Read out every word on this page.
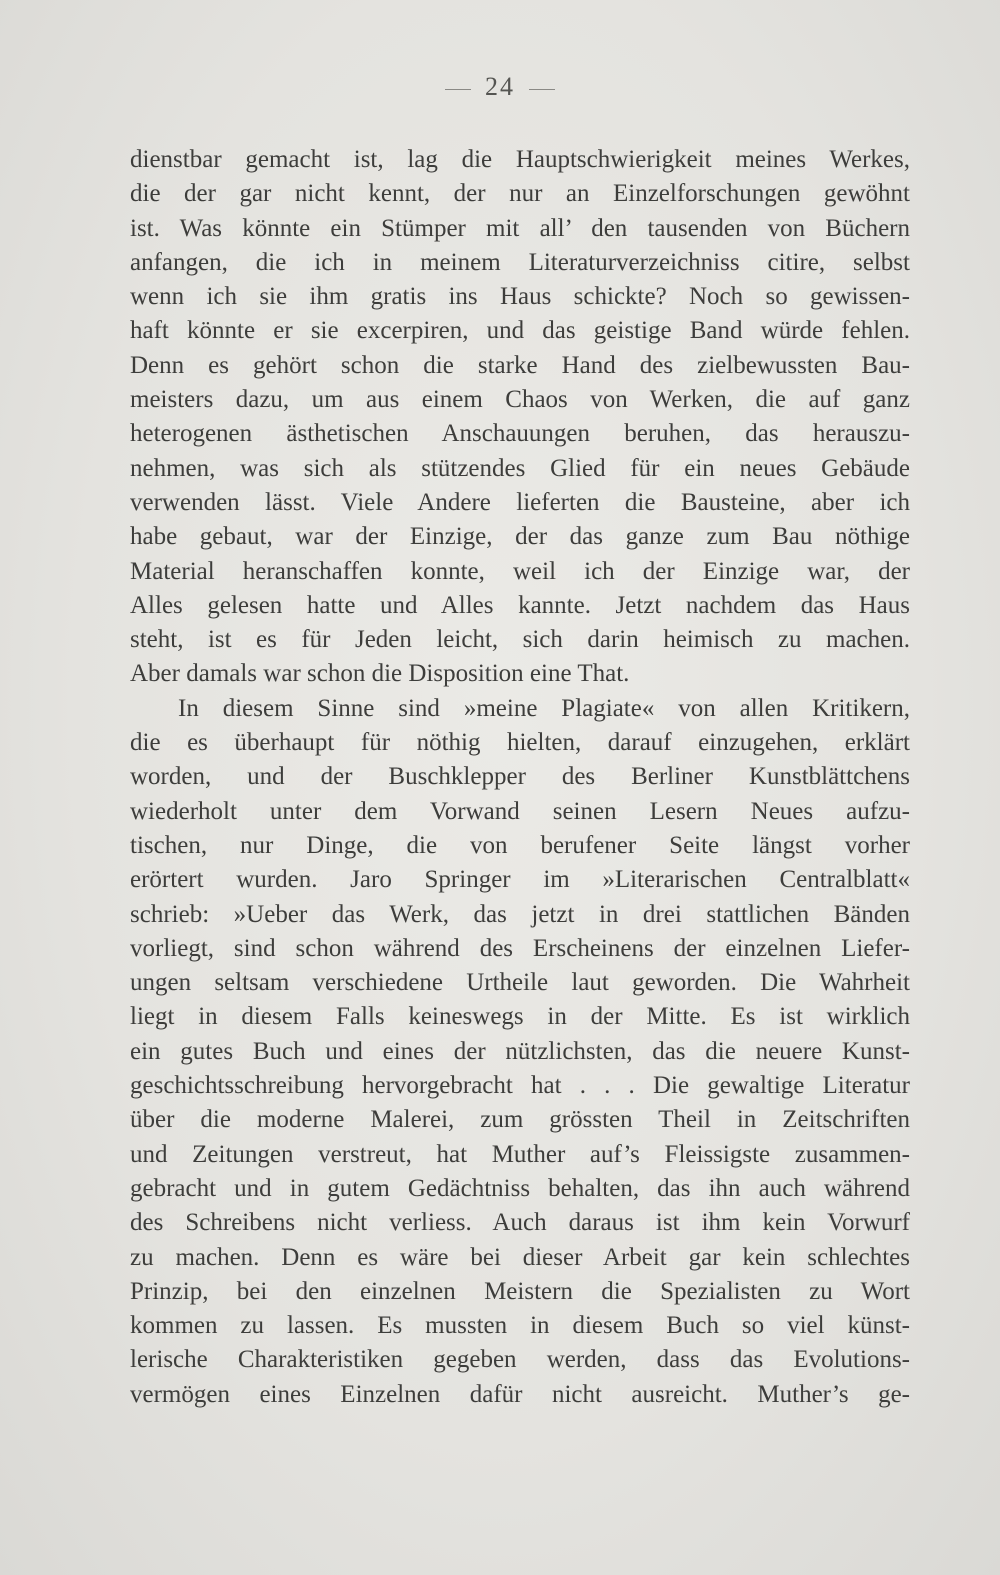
24
dienstbar gemacht ist, lag die Hauptschwierigkeit meines Werkes,
die der gar nicht kennt, der nur an Einzelforschungen gewöhnt
ist. Was könnte ein Stümper mit all’ den tausenden von Büchern
anfangen, die ich in meinem Literaturverzeichniss citire, selbst
wenn ich sie ihm gratis ins Haus schickte? Noch so gewissen-
haft könnte er sie excerpiren, und das geistige Band würde fehlen.
Denn es gehört schon die starke Hand des zielbewussten Bau-
meisters dazu, um aus einem Chaos von Werken, die auf ganz
heterogenen ästhetischen Anschauungen beruhen, das herauszu-
nehmen, was sich als stützendes Glied für ein neues Gebäude
verwenden lässt. Viele Andere lieferten die Bausteine, aber ich
habe gebaut, war der Einzige, der das ganze zum Bau nöthige
Material heranschaffen konnte, weil ich der Einzige war, der
Alles gelesen hatte und Alles kannte. Jetzt nachdem das Haus
steht, ist es für Jeden leicht, sich darin heimisch zu machen.
Aber damals war schon die Disposition eine That.
In diesem Sinne sind »meine Plagiate« von allen Kritikern,
die es überhaupt für nöthig hielten, darauf einzugehen, erklärt
worden, und der Buschklepper des Berliner Kunstblättchens
wiederholt unter dem Vorwand seinen Lesern Neues aufzu-
tischen, nur Dinge, die von berufener Seite längst vorher
erörtert wurden. Jaro Springer im »Literarischen Centralblatt«
schrieb: »Ueber das Werk, das jetzt in drei stattlichen Bänden
vorliegt, sind schon während des Erscheinens der einzelnen Liefer-
ungen seltsam verschiedene Urtheile laut geworden. Die Wahrheit
liegt in diesem Falls keineswegs in der Mitte. Es ist wirklich
ein gutes Buch und eines der nützlichsten, das die neuere Kunst-
geschichtsschreibung hervorgebracht hat . . . Die gewaltige Literatur
über die moderne Malerei, zum grössten Theil in Zeitschriften
und Zeitungen verstreut, hat Muther auf’s Fleissigste zusammen-
gebracht und in gutem Gedächtniss behalten, das ihn auch während
des Schreibens nicht verliess. Auch daraus ist ihm kein Vorwurf
zu machen. Denn es wäre bei dieser Arbeit gar kein schlechtes
Prinzip, bei den einzelnen Meistern die Spezialisten zu Wort
kommen zu lassen. Es mussten in diesem Buch so viel künst-
lerische Charakteristiken gegeben werden, dass das Evolutions-
vermögen eines Einzelnen dafür nicht ausreicht. Muther’s ge-
